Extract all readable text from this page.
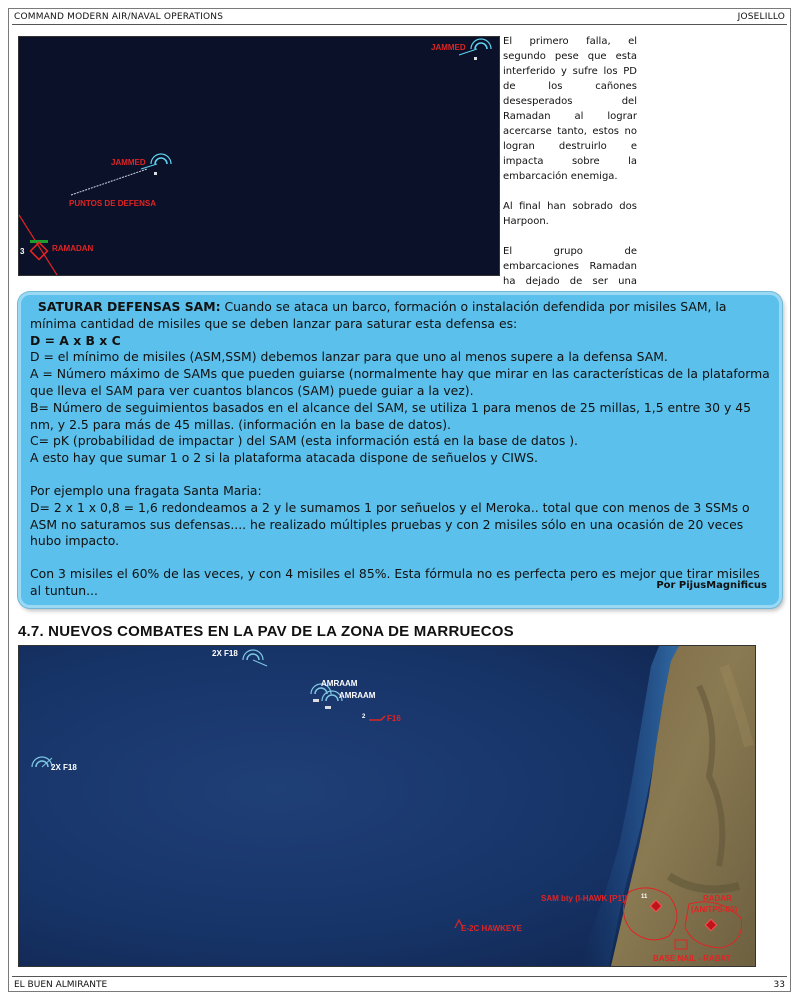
COMMAND MODERN AIR/NAVAL OPERATIONS	JOSELILLO
JAMMED
JAMMED
PUNTOS DE DEFENSA
RAMADAN
3

El primero falla, el segundo pese que esta interferido y sufre los PD de los cañones desesperados del Ramadan al lograr acercarse tanto, estos no logran destruirlo e impacta sobre la embarcación enemiga.

Al final han sobrado dos Harpoon.

El grupo de embarcaciones Ramadan ha dejado de ser una

SATURAR DEFENSAS SAM: Cuando se ataca un barco, formación o instalación defendida por misiles SAM, la mínima cantidad de misiles que se deben lanzar para saturar esta defensa es:

D = A x B x C

D = el mínimo de misiles (ASM,SSM) debemos lanzar para que uno al menos supere a la defensa SAM.

A = Número máximo de SAMs que pueden guiarse (normalmente hay que mirar en las características de la plataforma que lleva el SAM para ver cuantos blancos (SAM) puede guiar a la vez).

B= Número de seguimientos basados en el alcance del SAM, se utiliza 1 para menos de 25 millas, 1,5 entre 30 y 45 nm, y 2.5 para más de 45 millas. (información en la base de datos).

C= pK (probabilidad de impactar ) del SAM (esta información está en la base de datos ).

A esto hay que sumar 1 o 2 si la plataforma atacada dispone de señuelos y CIWS.

Por ejemplo una fragata Santa Maria:

D= 2 x 1 x 0,8 = 1,6 redondeamos a 2 y le sumamos 1 por señuelos y el Meroka.. total que con menos de 3 SSMs o ASM no saturamos sus defensas.... he realizado múltiples pruebas y con 2 misiles sólo en una ocasión de 20 veces hubo impacto.

Con 3 misiles el 60% de las veces, y con 4 misiles el 85%. Esta fórmula no es perfecta pero es mejor que tirar misiles al tuntun...	Por PijusMagnificus
4.7. NUEVOS COMBATES EN LA PAV DE LA ZONA DE MARRUECOS
2X F18
2X F18
AMRAAM
AMRAAM
2	F16
SAM bty (I-HAWK [P1]) 11	RADAR
(AN/TPS-63)
E-2C HAWKEYE
BASE NAIL - RABAT
EL BUEN ALMIRANTE	33
